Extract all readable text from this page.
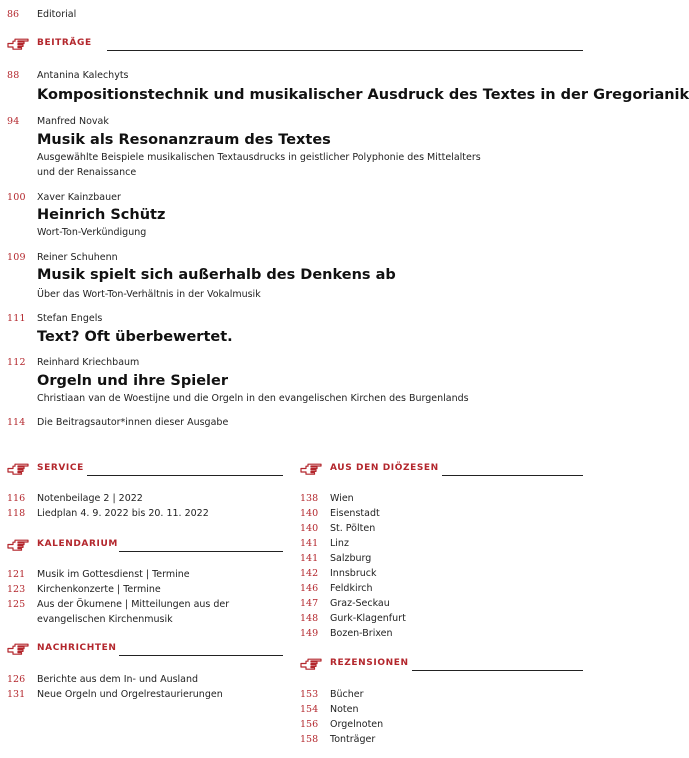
86 Editorial
BEITRÄGE
88 Antanina Kalechyts
Kompositionstechnik und musikalischer Ausdruck des Textes in der Gregorianik
94 Manfred Novak
Musik als Resonanzraum des Textes
Ausgewählte Beispiele musikalischen Textausdrucks in geistlicher Polyphonie des Mittelalters
und der Renaissance
100 Xaver Kainzbauer
Heinrich Schütz
Wort-Ton-Verkündigung
109 Reiner Schuhenn
Musik spielt sich außerhalb des Denkens ab
Über das Wort-Ton-Verhältnis in der Vokalmusik
111 Stefan Engels
Text? Oft überbewertet.
112 Reinhard Kriechbaum
Orgeln und ihre Spieler
Christiaan van de Woestijne und die Orgeln in den evangelischen Kirchen des Burgenlands
114 Die Beitragsautor*innen dieser Ausgabe
SERVICE
116 Notenbeilage 2 | 2022
118 Liedplan 4. 9. 2022 bis 20. 11. 2022
KALENDARIUM
121 Musik im Gottesdienst | Termine
123 Kirchenkonzerte | Termine
125 Aus der Ökumene | Mitteilungen aus der
evangelischen Kirchenmusik
NACHRICHTEN
126 Berichte aus dem In- und Ausland
131 Neue Orgeln und Orgelrestaurierungen
AUS DEN DIÖZESEN
138 Wien
140 Eisenstadt
140 St. Pölten
141 Linz
141 Salzburg
142 Innsbruck
146 Feldkirch
147 Graz-Seckau
148 Gurk-Klagenfurt
149 Bozen-Brixen
REZENSIONEN
153 Bücher
154 Noten
156 Orgelnoten
158 Tonträger
